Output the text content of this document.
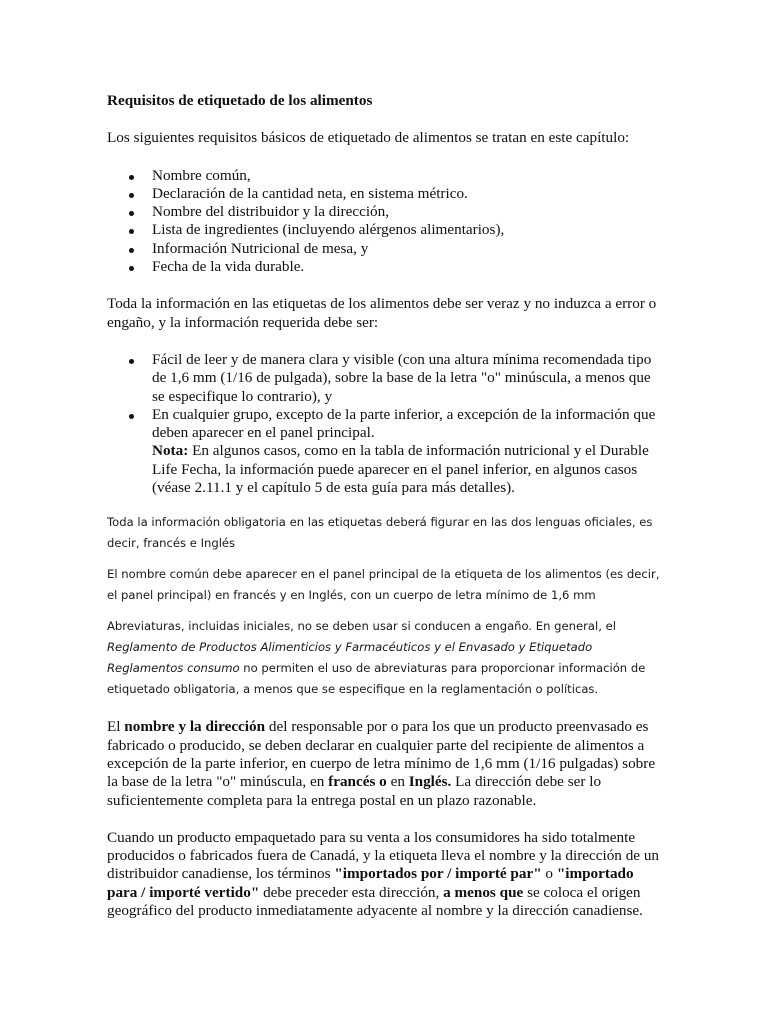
Requisitos de etiquetado de los alimentos

Los siguientes requisitos básicos de etiquetado de alimentos se tratan en este capítulo:

Nombre común,
Declaración de la cantidad neta, en sistema métrico.
Nombre del distribuidor y la dirección,
Lista de ingredientes (incluyendo alérgenos alimentarios),
Información Nutricional de mesa, y
Fecha de la vida durable.

Toda la información en las etiquetas de los alimentos debe ser veraz y no induzca a error o engaño, y la información requerida debe ser:

Fácil de leer y de manera clara y visible (con una altura mínima recomendada tipo de 1,6 mm (1/16 de pulgada), sobre la base de la letra "o" minúscula, a menos que se especifique lo contrario), y
En cualquier grupo, excepto de la parte inferior, a excepción de la información que deben aparecer en el panel principal.
Nota: En algunos casos, como en la tabla de información nutricional y el Durable Life Fecha, la información puede aparecer en el panel inferior, en algunos casos (véase 2.11.1 y el capítulo 5 de esta guía para más detalles).

Toda la información obligatoria en las etiquetas deberá figurar en las dos lenguas oficiales, es decir, francés e Inglés

El nombre común debe aparecer en el panel principal de la etiqueta de los alimentos (es decir, el panel principal) en francés y en Inglés, con un cuerpo de letra mínimo de 1,6 mm

Abreviaturas, incluidas iniciales, no se deben usar si conducen a engaño. En general, el Reglamento de Productos Alimenticios y Farmacéuticos y el Envasado y Etiquetado Reglamentos consumo no permiten el uso de abreviaturas para proporcionar información de etiquetado obligatoria, a menos que se especifique en la reglamentación o políticas.

El nombre y la dirección del responsable por o para los que un producto preenvasado es fabricado o producido, se deben declarar en cualquier parte del recipiente de alimentos a excepción de la parte inferior, en cuerpo de letra mínimo de 1,6 mm (1/16 pulgadas) sobre la base de la letra "o" minúscula, en francés o en Inglés. La dirección debe ser lo suficientemente completa para la entrega postal en un plazo razonable.

Cuando un producto empaquetado para su venta a los consumidores ha sido totalmente producidos o fabricados fuera de Canadá, y la etiqueta lleva el nombre y la dirección de un distribuidor canadiense, los términos "importados por / importé par" o "importado para / importé vertido" debe preceder esta dirección, a menos que se coloca el origen geográfico del producto inmediatamente adyacente al nombre y la dirección canadiense.
